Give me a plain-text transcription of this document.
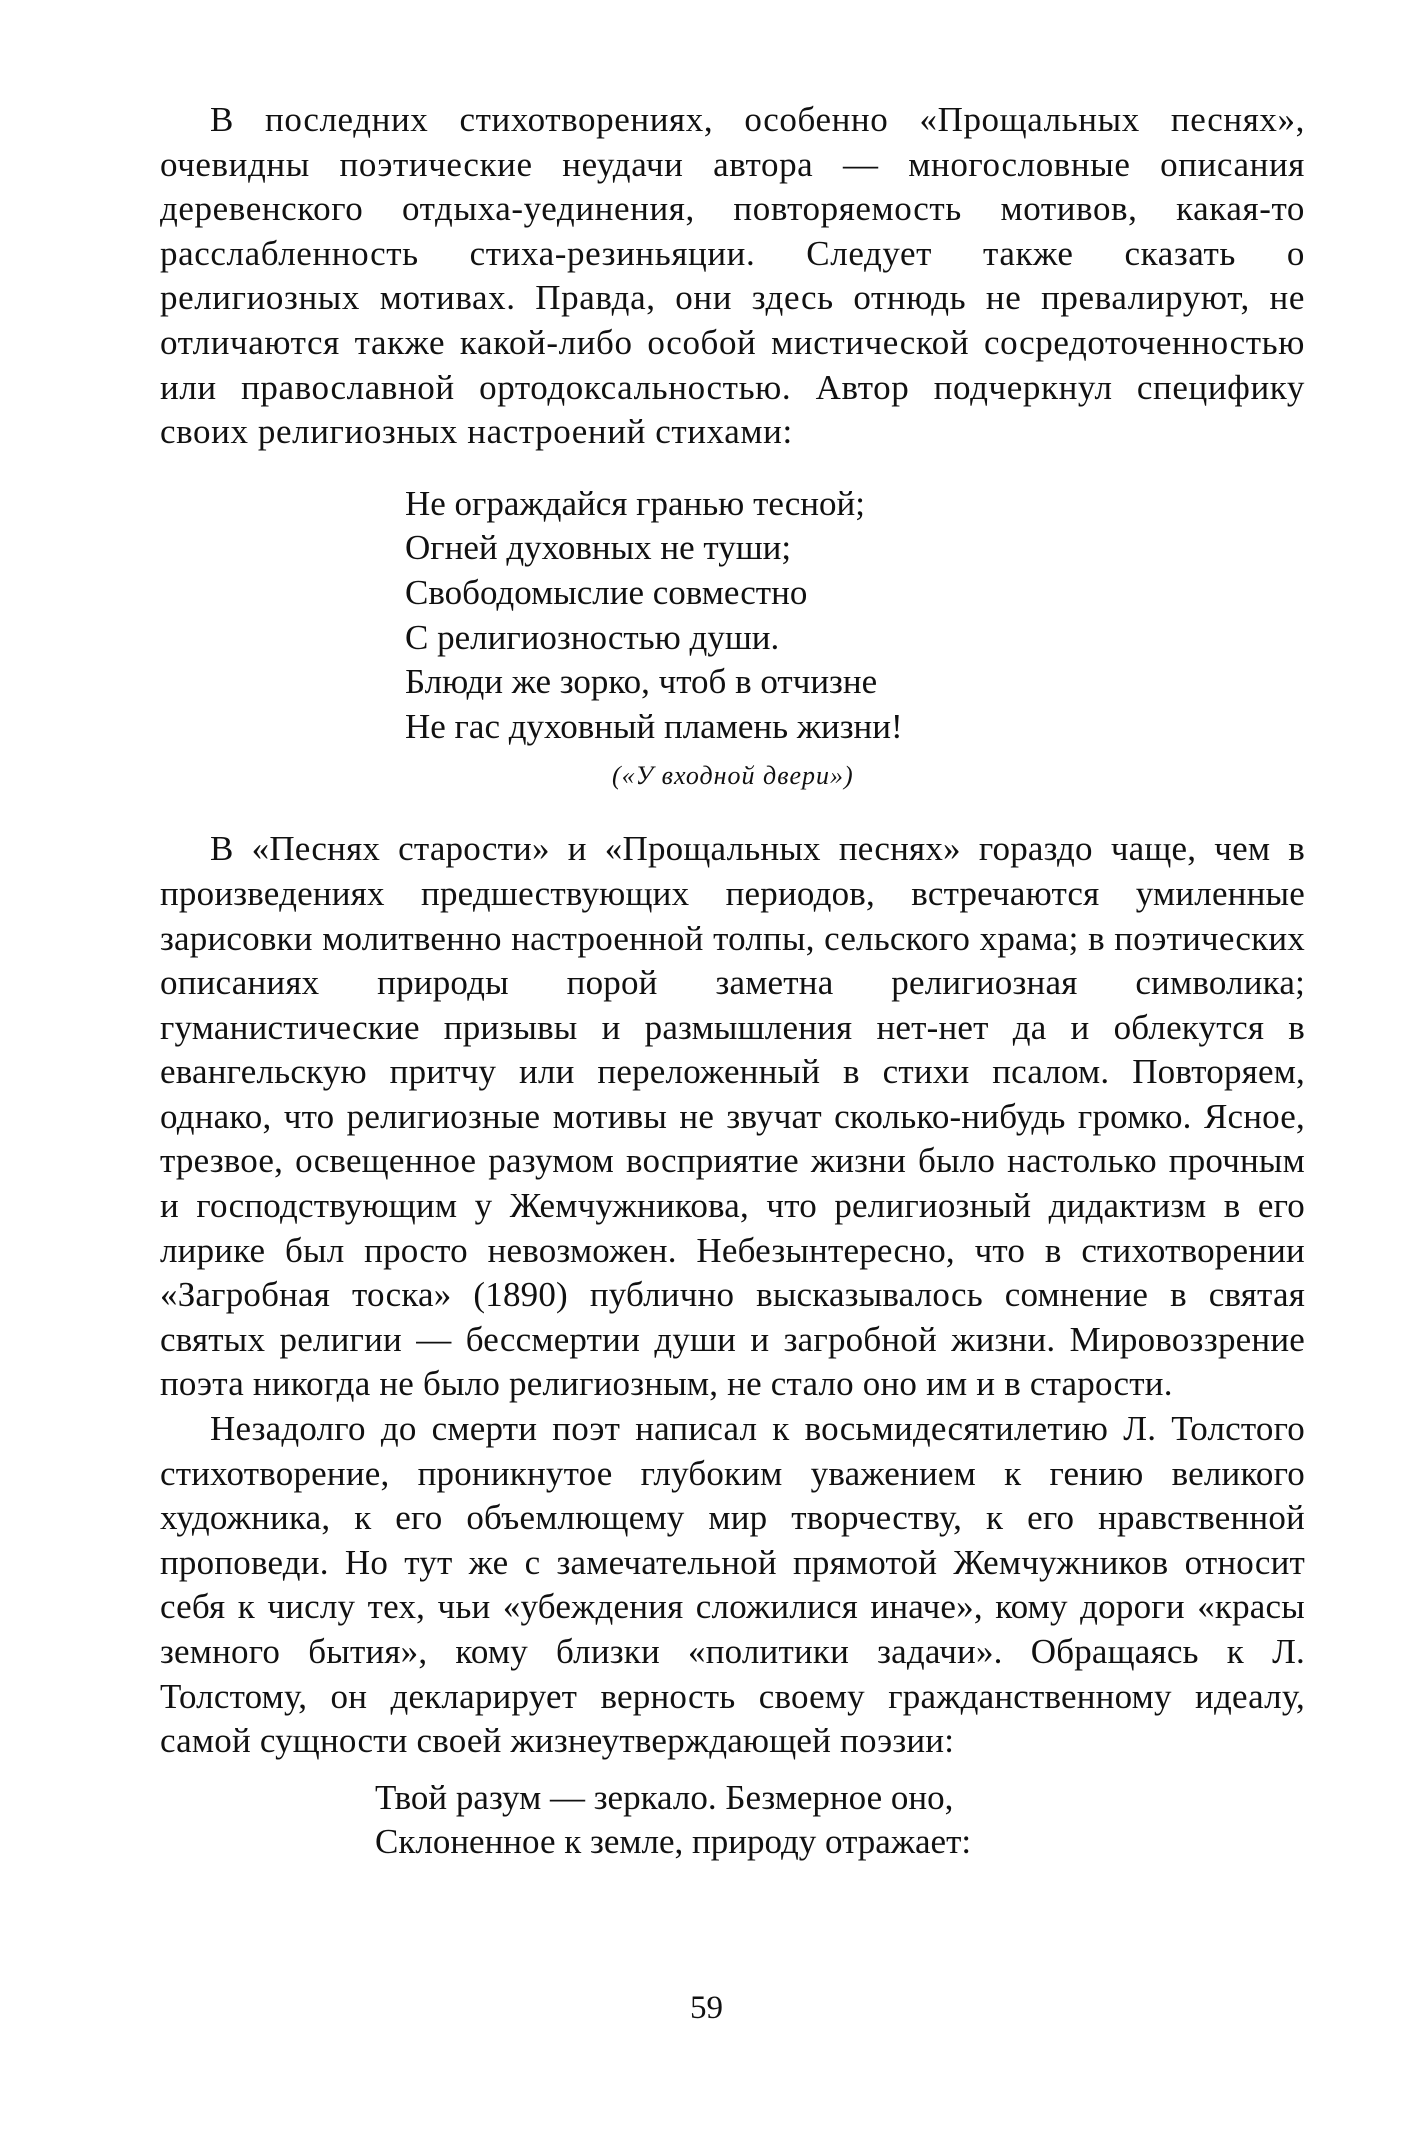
В последних стихотворениях, особенно «Прощальных песнях», очевидны поэтические неудачи автора — многословные описания деревенского отдыха-уединения, повторяемость мотивов, какая-то расслабленность стиха-резиньяции. Следует также сказать о религиозных мотивах. Правда, они здесь отнюдь не превалируют, не отличаются также какой-либо особой мистической сосредоточенностью или православной ортодоксальностью. Автор подчеркнул специфику своих религиозных настроений стихами:

Не ограждайся гранью тесной;
Огней духовных не туши;
Свободомыслие совместно
С религиозностью души.
Блюди же зорко, чтоб в отчизне
Не гас духовный пламень жизни!
(«У входной двери»)

В «Песнях старости» и «Прощальных песнях» гораздо чаще, чем в произведениях предшествующих периодов, встречаются умиленные зарисовки молитвенно настроенной толпы, сельского храма; в поэтических описаниях природы порой заметна религиозная символика; гуманистические призывы и размышления нет-нет да и облекутся в евангельскую притчу или переложенный в стихи псалом. Повторяем, однако, что религиозные мотивы не звучат сколько-нибудь громко. Ясное, трезвое, освещенное разумом восприятие жизни было настолько прочным и господствующим у Жемчужникова, что религиозный дидактизм в его лирике был просто невозможен. Небезынтересно, что в стихотворении «Загробная тоска» (1890) публично высказывалось сомнение в святая святых религии — бессмертии души и загробной жизни. Мировоззрение поэта никогда не было религиозным, не стало оно им и в старости.

Незадолго до смерти поэт написал к восьмидесятилетию Л. Толстого стихотворение, проникнутое глубоким уважением к гению великого художника, к его объемлющему мир творчеству, к его нравственной проповеди. Но тут же с замечательной прямотой Жемчужников относит себя к числу тех, чьи «убеждения сложилися иначе», кому дороги «красы земного бытия», кому близки «политики задачи». Обращаясь к Л. Толстому, он декларирует верность своему гражданственному идеалу, самой сущности своей жизнеутверждающей поэзии:

Твой разум — зеркало. Безмерное оно,
Склоненное к земле, природу отражает:
59
